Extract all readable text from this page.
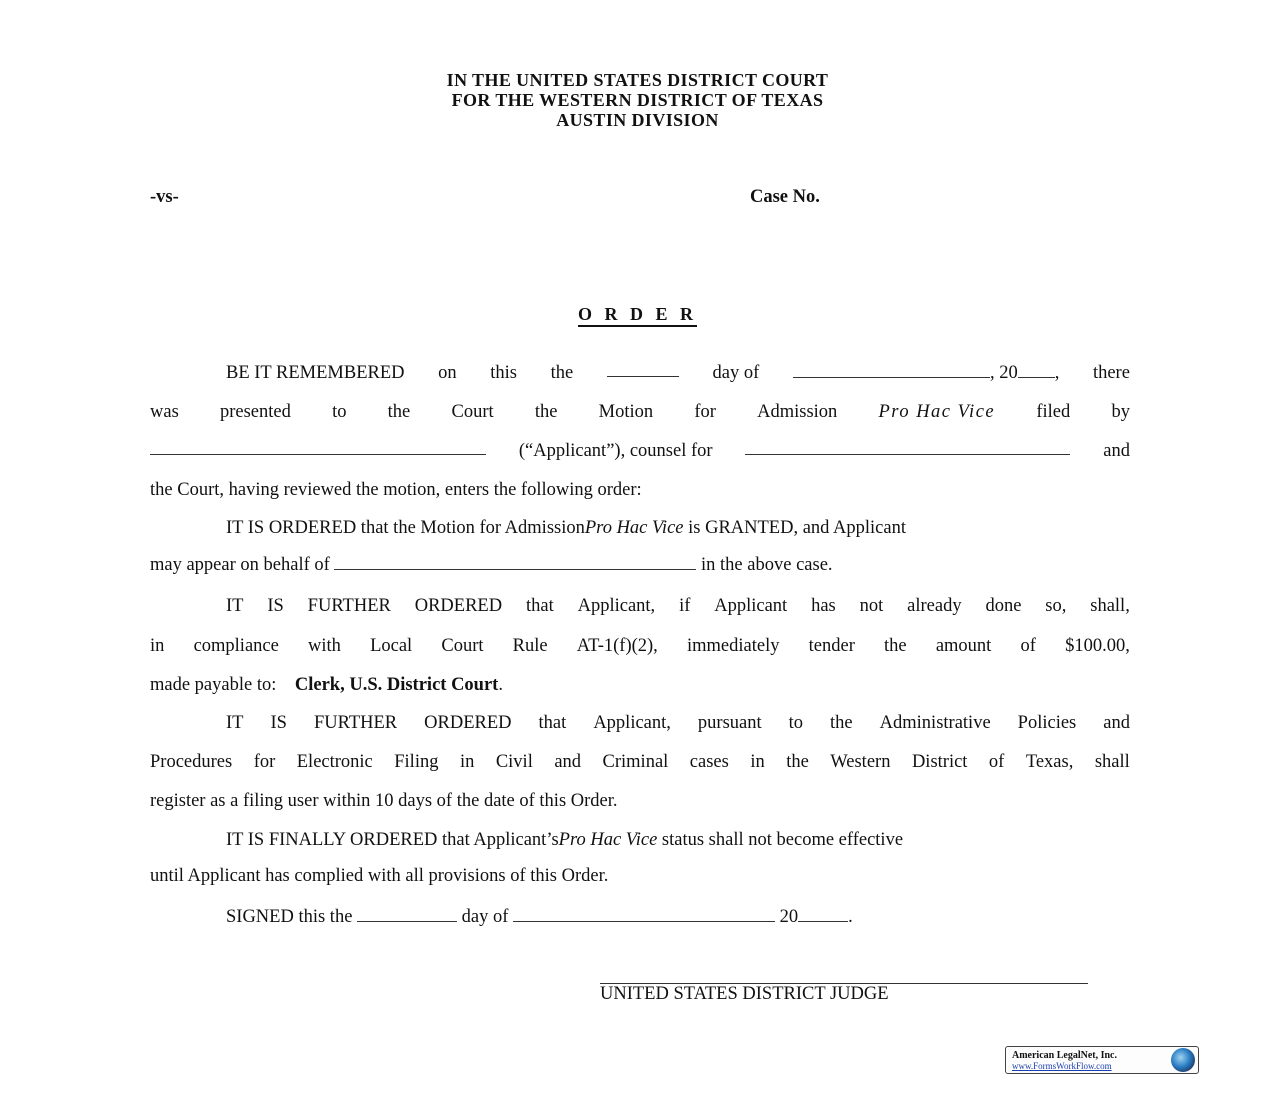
IN THE UNITED STATES DISTRICT COURT
FOR THE WESTERN DISTRICT OF TEXAS
AUSTIN DIVISION
-vs-	Case No.
O R D E R
BE IT REMEMBERED on this the	day of	, 20 , there
was presented to the Court the Motion for Admission Pro Hac Vice filed by
(“Applicant”), counsel for	and
the Court, having reviewed the motion, enters the following order:
IT IS ORDERED that the Motion for AdmissionPro Hac Vice is GRANTED, and Applicant
may appear on behalf of	in the above case.
IT IS FURTHER ORDERED that Applicant, if Applicant has not already done so, shall,
in compliance with Local Court Rule AT-1(f)(2), immediately tender the amount of $100.00,
made payable to: Clerk, U.S. District Court.
IT IS FURTHER ORDERED that Applicant, pursuant to the Administrative Policies and
Procedures for Electronic Filing in Civil and Criminal cases in the Western District of Texas, shall
register as a filing user within 10 days of the date of this Order.
IT IS FINALLY ORDERED that Applicant’sPro Hac Vice status shall not become effective
until Applicant has complied with all provisions of this Order.
SIGNED this the	day of	20	.
UNITED STATES DISTRICT JUDGE
American LegalNet, Inc.
www.FormsWorkFlow.com
